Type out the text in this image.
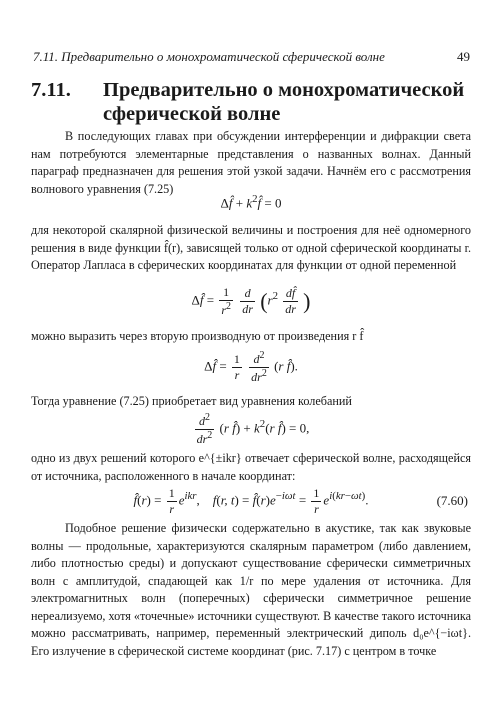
7.11. Предварительно о монохроматической сферической волне	49
7.11. Предварительно о монохроматической
сферической волне
В последующих главах при обсуждении интерференции и дифракции света нам потребуются элементарные представления о названных волнах. Данный параграф предназначен для решения этой узкой задачи. Начнём его с рассмотрения волнового уравнения (7.25)
Δf̂ + $k^2f̂ = 0$
для некоторой скалярной физической величины и построения для неё одномерного решения в виде функции f̂(r), зависящей только от одной сферической координаты r. Оператор Лапласа в сферических координатах для функции от одной переменной
Δf̂ = $\frac{1}{r^2}$
$\frac{d}{dr} (r^2 \frac{df̂}{dr}$ )
можно выразить через вторую производную от произведения r f̂
Δf̂ = $\frac{1}{r}$
$\frac{d^2}{dr^2} (r$ f̂).
Тогда уравнение (7.25) приобретает вид уравнения колебаний
$\frac{d^2}{dr^2} (r$ f̂) + $k^2(r$ f̂) = 0,
одно из двух решений которого e^{±ikr} отвечает сферической волне, расходящейся от источника, расположенного в начале координат:
f̂(r) = $\frac{1}{r} e^{ikr}$,    f(r, $t) = f̂(r)e^{-i\omega t} = \frac{1}{r} e^{i(kr-\omega t)}$.	(7.60)
Подобное решение физически содержательно в акустике, так как звуковые волны — продольные, характеризуются скалярным параметром (либо давлением, либо плотностью среды) и допускают существование сферически симметричных волн с амплитудой, спадающей как 1/r по мере удаления от источника. Для электромагнитных волн (поперечных) сферически симметричное решение нереализуемо, хотя «точечные» источники существуют. В качестве такого источника можно рассматривать, например, переменный электрический диполь d₀e^{−iωt}. Его излучение в сферической системе координат (рис. 7.17) с центром в точке
